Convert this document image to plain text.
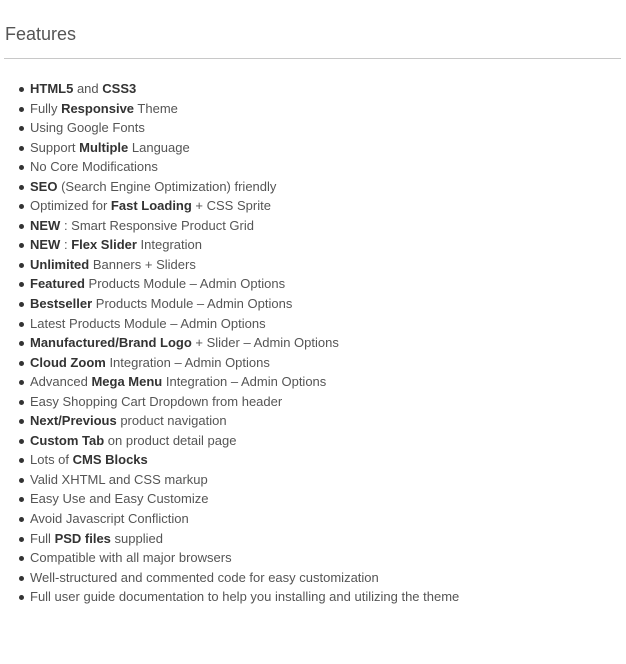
Features
HTML5 and CSS3
Fully Responsive Theme
Using Google Fonts
Support Multiple Language
No Core Modifications
SEO (Search Engine Optimization) friendly
Optimized for Fast Loading + CSS Sprite
NEW : Smart Responsive Product Grid
NEW : Flex Slider Integration
Unlimited Banners + Sliders
Featured Products Module – Admin Options
Bestseller Products Module – Admin Options
Latest Products Module – Admin Options
Manufactured/Brand Logo + Slider – Admin Options
Cloud Zoom Integration – Admin Options
Advanced Mega Menu Integration – Admin Options
Easy Shopping Cart Dropdown from header
Next/Previous product navigation
Custom Tab on product detail page
Lots of CMS Blocks
Valid XHTML and CSS markup
Easy Use and Easy Customize
Avoid Javascript Confliction
Full PSD files supplied
Compatible with all major browsers
Well-structured and commented code for easy customization
Full user guide documentation to help you installing and utilizing the theme
